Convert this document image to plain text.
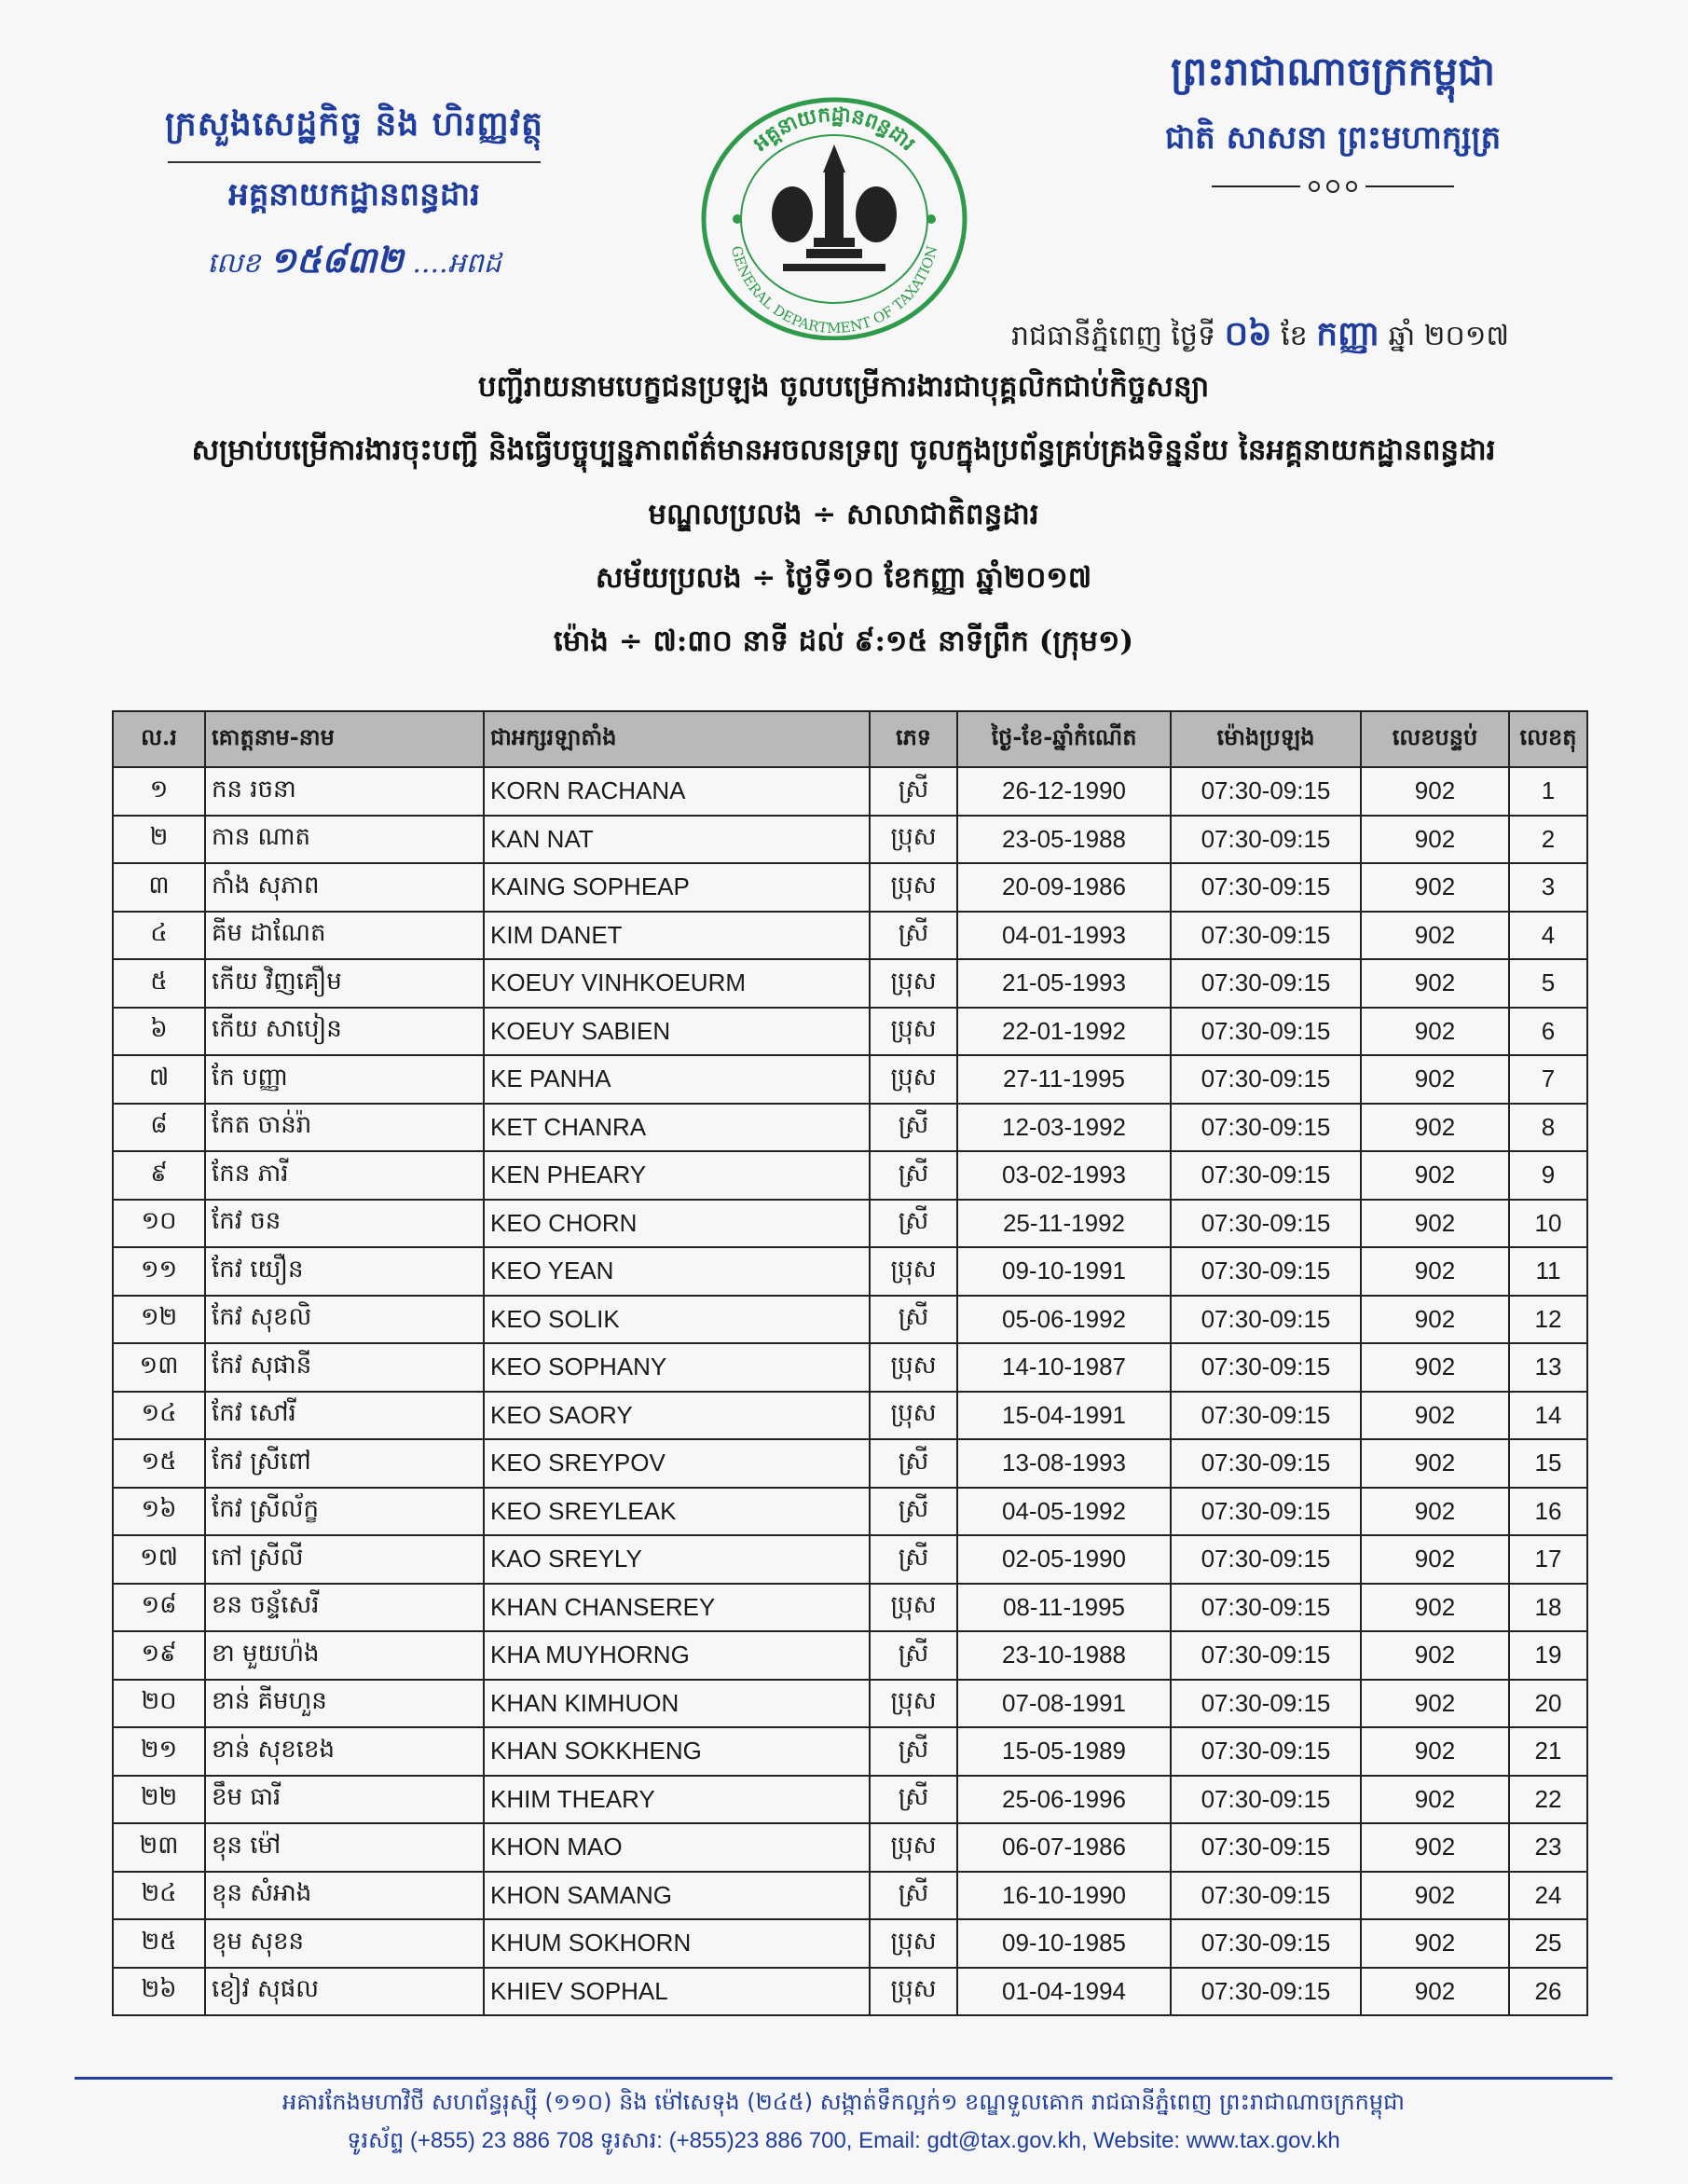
ក្រសួងសេដ្ឋកិច្ច និង ហិរញ្ញវត្ថុ
អគ្គនាយកដ្ឋានពន្ធដារ
លេខ ១៥៨៣២ ....អពដ
អគ្គនាយកដ្ឋានពន្ធដារ
GENERAL DEPARTMENT OF TAXATION
ព្រះរាជាណាចក្រកម្ពុជា
ជាតិ សាសនា ព្រះមហាក្សត្រ
រាជធានីភ្នំពេញ ថ្ងៃទី ០៦ ខែ កញ្ញា ឆ្នាំ ២០១៧
បញ្ជីរាយនាមបេក្ខជនប្រឡង ចូលបម្រើការងារជាបុគ្គលិកជាប់កិច្ចសន្យា
សម្រាប់បម្រើការងារចុះបញ្ជី និងធ្វើបច្ចុប្បន្នភាពព័ត៌មានអចលនទ្រព្យ ចូលក្នុងប្រព័ន្ធគ្រប់គ្រងទិន្នន័យ នៃអគ្គនាយកដ្ឋានពន្ធដារ
មណ្ឌលប្រលង ÷ សាលាជាតិពន្ធដារ
សម័យប្រលង ÷ ថ្ងៃទី១០ ខែកញ្ញា ឆ្នាំ២០១៧
ម៉ោង ÷ ៧:៣០ នាទី ដល់ ៩:១៥ នាទីព្រឹក (ក្រុម១)
ល.រ	គោត្តនាម-នាម	ជាអក្សរឡាតាំង	ភេទ	ថ្ងៃ-ខែ-ឆ្នាំកំណើត	ម៉ោងប្រឡង	លេខបន្ទប់	លេខតុ
១	កន រចនា	KORN RACHANA	ស្រី	26-12-1990	07:30-09:15	902	1
២	កាន ណាត	KAN NAT	ប្រុស	23-05-1988	07:30-09:15	902	2
៣	កាំង សុភាព	KAING SOPHEAP	ប្រុស	20-09-1986	07:30-09:15	902	3
៤	គីម ដាណែត	KIM DANET	ស្រី	04-01-1993	07:30-09:15	902	4
៥	កើយ វិញគឿម	KOEUY VINHKOEURM	ប្រុស	21-05-1993	07:30-09:15	902	5
៦	កើយ សាបៀន	KOEUY SABIEN	ប្រុស	22-01-1992	07:30-09:15	902	6
៧	កែ បញ្ញា	KE PANHA	ប្រុស	27-11-1995	07:30-09:15	902	7
៨	កែត ចាន់រ៉ា	KET CHANRA	ស្រី	12-03-1992	07:30-09:15	902	8
៩	កែន ភារី	KEN PHEARY	ស្រី	03-02-1993	07:30-09:15	902	9
១០	កែវ ចន	KEO CHORN	ស្រី	25-11-1992	07:30-09:15	902	10
១១	កែវ យឿន	KEO YEAN	ប្រុស	09-10-1991	07:30-09:15	902	11
១២	កែវ សុខលិ	KEO SOLIK	ស្រី	05-06-1992	07:30-09:15	902	12
១៣	កែវ សុផានី	KEO SOPHANY	ប្រុស	14-10-1987	07:30-09:15	902	13
១៤	កែវ សៅរី	KEO SAORY	ប្រុស	15-04-1991	07:30-09:15	902	14
១៥	កែវ ស្រីពៅ	KEO SREYPOV	ស្រី	13-08-1993	07:30-09:15	902	15
១៦	កែវ ស្រីល័ក្ខ	KEO SREYLEAK	ស្រី	04-05-1992	07:30-09:15	902	16
១៧	កៅ ស្រីលី	KAO SREYLY	ស្រី	02-05-1990	07:30-09:15	902	17
១៨	ខន ចន្ទ័សេរី	KHAN CHANSEREY	ប្រុស	08-11-1995	07:30-09:15	902	18
១៩	ខា មួយហ៉ង	KHA MUYHORNG	ស្រី	23-10-1988	07:30-09:15	902	19
២០	ខាន់ គីមហួន	KHAN KIMHUON	ប្រុស	07-08-1991	07:30-09:15	902	20
២១	ខាន់ សុខខេង	KHAN SOKKHENG	ស្រី	15-05-1989	07:30-09:15	902	21
២២	ខឹម ធារី	KHIM THEARY	ស្រី	25-06-1996	07:30-09:15	902	22
២៣	ខុន ម៉ៅ	KHON MAO	ប្រុស	06-07-1986	07:30-09:15	902	23
២៤	ខុន សំអាង	KHON SAMANG	ស្រី	16-10-1990	07:30-09:15	902	24
២៥	ខុម សុខន	KHUM SOKHORN	ប្រុស	09-10-1985	07:30-09:15	902	25
២៦	ខៀវ សុផល	KHIEV SOPHAL	ប្រុស	01-04-1994	07:30-09:15	902	26
អគារកែងមហាវិថី សហព័ន្ធរុស្ស៊ី (១១០) និង ម៉ៅសេទុង (២៤៥) សង្កាត់ទឹកល្អក់១ ខណ្ឌទួលគោក រាជធានីភ្នំពេញ ព្រះរាជាណាចក្រកម្ពុជា
ទូរស័ព្ទ (+855) 23 886 708 ទូរសារ: (+855)23 886 700, Email: gdt@tax.gov.kh, Website: www.tax.gov.kh
